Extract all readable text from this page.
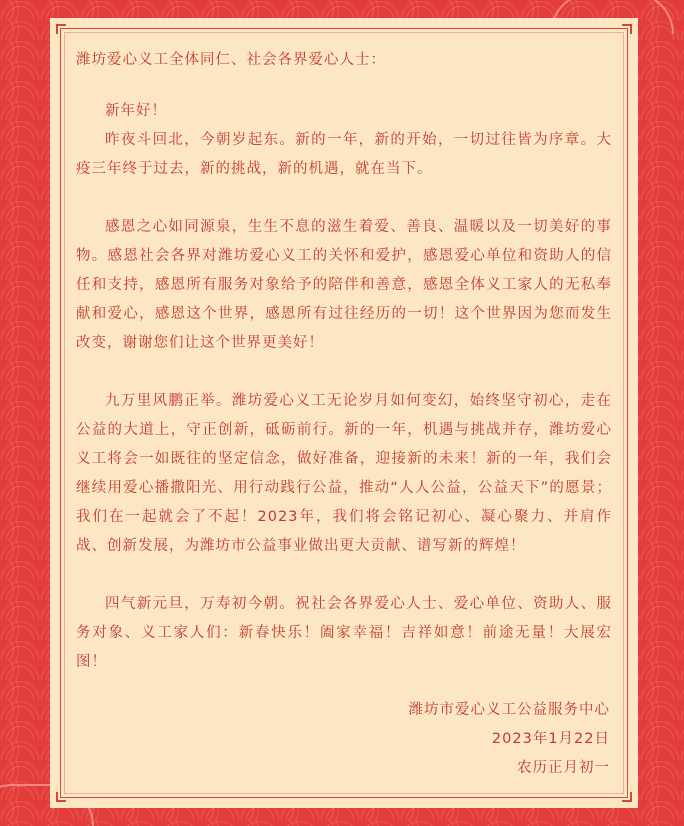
潍坊爱心义工全体同仁、社会各界爱心人士：

新年好！

昨夜斗回北，今朝岁起东。新的一年，新的开始，一切过往皆为序章。大疫三年终于过去，新的挑战，新的机遇，就在当下。

感恩之心如同源泉，生生不息的滋生着爱、善良、温暖以及一切美好的事物。感恩社会各界对潍坊爱心义工的关怀和爱护，感恩爱心单位和资助人的信任和支持，感恩所有服务对象给予的陪伴和善意，感恩全体义工家人的无私奉献和爱心，感恩这个世界，感恩所有过往经历的一切！这个世界因为您而发生改变，谢谢您们让这个世界更美好！

九万里风鹏正举。潍坊爱心义工无论岁月如何变幻，始终坚守初心，走在公益的大道上，守正创新，砥砺前行。新的一年，机遇与挑战并存，潍坊爱心义工将会一如既往的坚定信念，做好准备，迎接新的未来！新的一年，我们会继续用爱心播撒阳光、用行动践行公益，推动“人人公益，公益天下”的愿景；我们在一起就会了不起！2023年，我们将会铭记初心、凝心聚力、并肩作战、创新发展，为潍坊市公益事业做出更大贡献、谱写新的辉煌！

四气新元旦，万寿初今朝。祝社会各界爱心人士、爱心单位、资助人、服务对象、义工家人们：新春快乐！阖家幸福！吉祥如意！前途无量！大展宏图！

潍坊市爱心义工公益服务中心

2023年1月22日

农历正月初一
